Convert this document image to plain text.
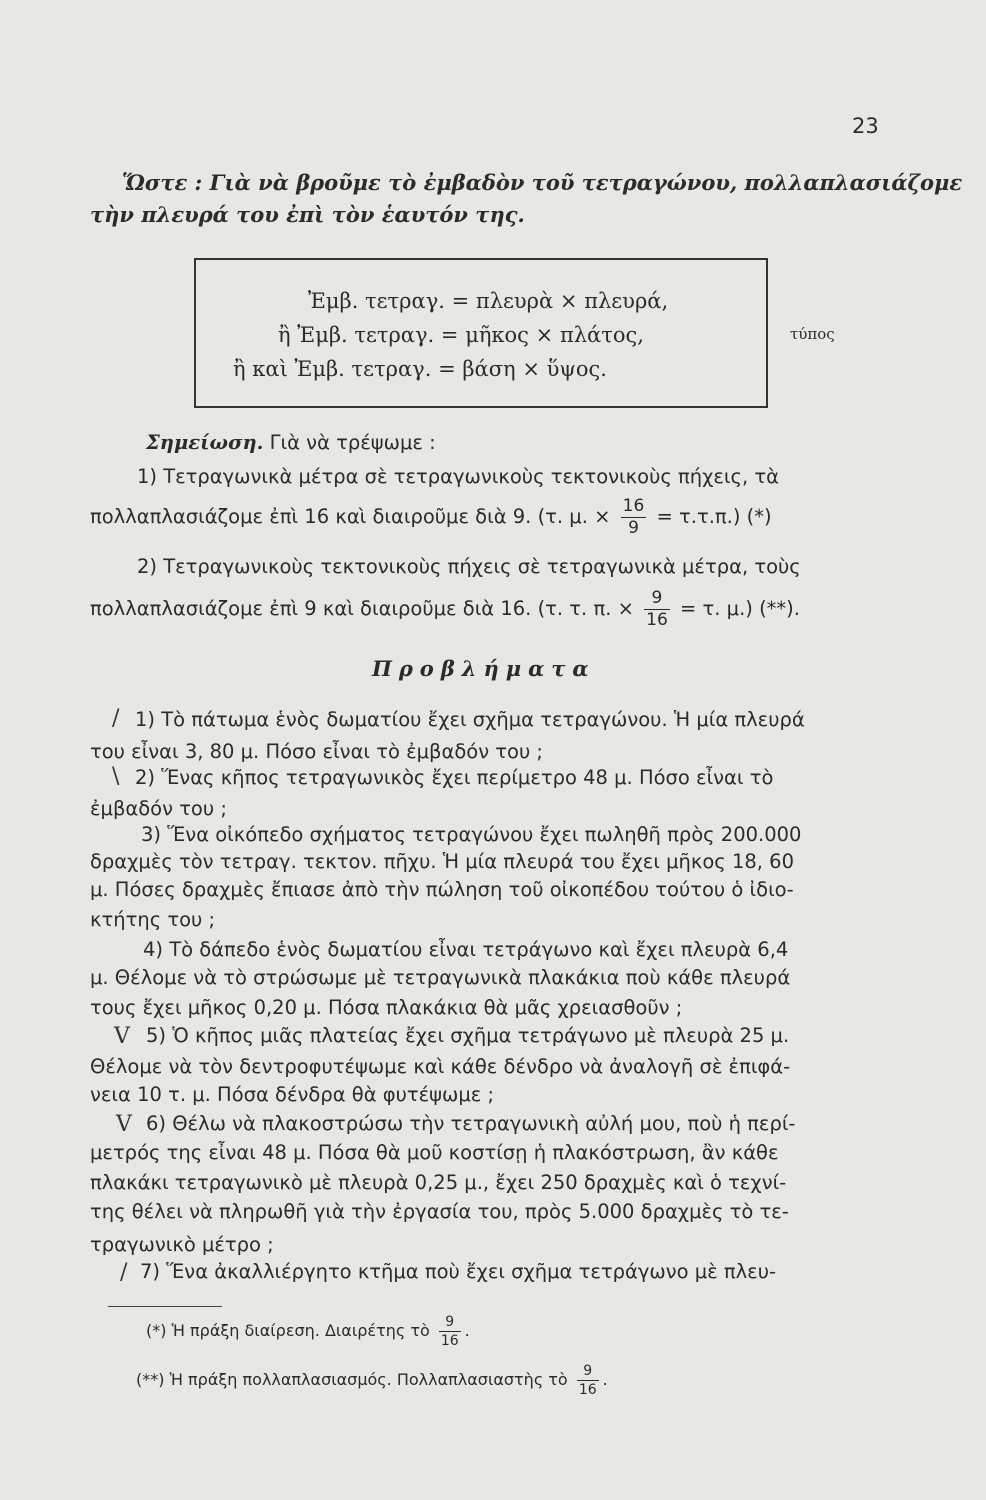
23
Ὥστε : Γιὰ νὰ βροῦμε τὸ ἐμβαδὸν τοῦ τετραγώνου, πολλαπλασιάζομε
τὴν πλευρά του ἐπὶ τὸν ἑαυτόν της.
Ἐμβ. τετραγ. = πλευρὰ × πλευρά,
ἢ Ἐμβ. τετραγ. = μῆκος × πλάτος,
ἢ καὶ Ἐμβ. τετραγ. = βάση × ὕψος.
τύπος
Σημείωση. Γιὰ νὰ τρέψωμε :
1) Τετραγωνικὰ μέτρα σὲ τετραγωνικοὺς τεκτονικοὺς πήχεις, τὰ
πολλαπλασιάζομε ἐπὶ 16 καὶ διαιροῦμε διὰ 9. (τ. μ. × $\frac{16}{9} = \tau.\tau.\pi$.) (*)
2) Τετραγωνικοὺς τεκτονικοὺς πήχεις σὲ τετραγωνικὰ μέτρα, τοὺς
πολλαπλασιάζομε ἐπὶ 9 καὶ διαιροῦμε διὰ 16. (τ. τ. π. × $\frac{9}{16} = \tau$. μ.) (**).
Προβλήματα
/
\
V
V
/
1) Τὸ πάτωμα ἑνὸς δωματίου ἔχει σχῆμα τετραγώνου. Ἡ μία πλευρά
του εἶναι 3, 80 μ. Πόσο εἶναι τὸ ἐμβαδόν του ;
2) Ἕνας κῆπος τετραγωνικὸς ἔχει περίμετρο 48 μ. Πόσο εἶναι τὸ
ἐμβαδόν του ;
3) Ἕνα οἰκόπεδο σχήματος τετραγώνου ἔχει πωληθῆ πρὸς 200.000
δραχμὲς τὸν τετραγ. τεκτον. πῆχυ. Ἡ μία πλευρά του ἔχει μῆκος 18, 60
μ. Πόσες δραχμὲς ἔπιασε ἀπὸ τὴν πώληση τοῦ οἰκοπέδου τούτου ὁ ἰδιο-
κτήτης του ;
4) Τὸ δάπεδο ἑνὸς δωματίου εἶναι τετράγωνο καὶ ἔχει πλευρὰ 6,4
μ. Θέλομε νὰ τὸ στρώσωμε μὲ τετραγωνικὰ πλακάκια ποὺ κάθε πλευρά
τους ἔχει μῆκος 0,20 μ. Πόσα πλακάκια θὰ μᾶς χρειασθοῦν ;
5) Ὁ κῆπος μιᾶς πλατείας ἔχει σχῆμα τετράγωνο μὲ πλευρὰ 25 μ.
Θέλομε νὰ τὸν δεντροφυτέψωμε καὶ κάθε δένδρο νὰ ἀναλογῆ σὲ ἐπιφά-
νεια 10 τ. μ. Πόσα δένδρα θὰ φυτέψωμε ;
6) Θέλω νὰ πλακοστρώσω τὴν τετραγωνικὴ αὐλή μου, ποὺ ἡ περί-
μετρός της εἶναι 48 μ. Πόσα θὰ μοῦ κοστίσῃ ἡ πλακόστρωση, ἂν κάθε
πλακάκι τετραγωνικὸ μὲ πλευρὰ 0,25 μ., ἔχει 250 δραχμὲς καὶ ὁ τεχνί-
της θέλει νὰ πληρωθῆ γιὰ τὴν ἐργασία του, πρὸς 5.000 δραχμὲς τὸ τε-
τραγωνικὸ μέτρο ;
7) Ἕνα ἀκαλλιέργητο κτῆμα ποὺ ἔχει σχῆμα τετράγωνο μὲ πλευ-
(*) Ἡ πράξη διαίρεση. Διαιρέτης τὸ $\frac{9}{16}$ .
(**) Ἡ πράξη πολλαπλασιασμός. Πολλαπλασιαστὴς τὸ $\frac{9}{16}$ .
